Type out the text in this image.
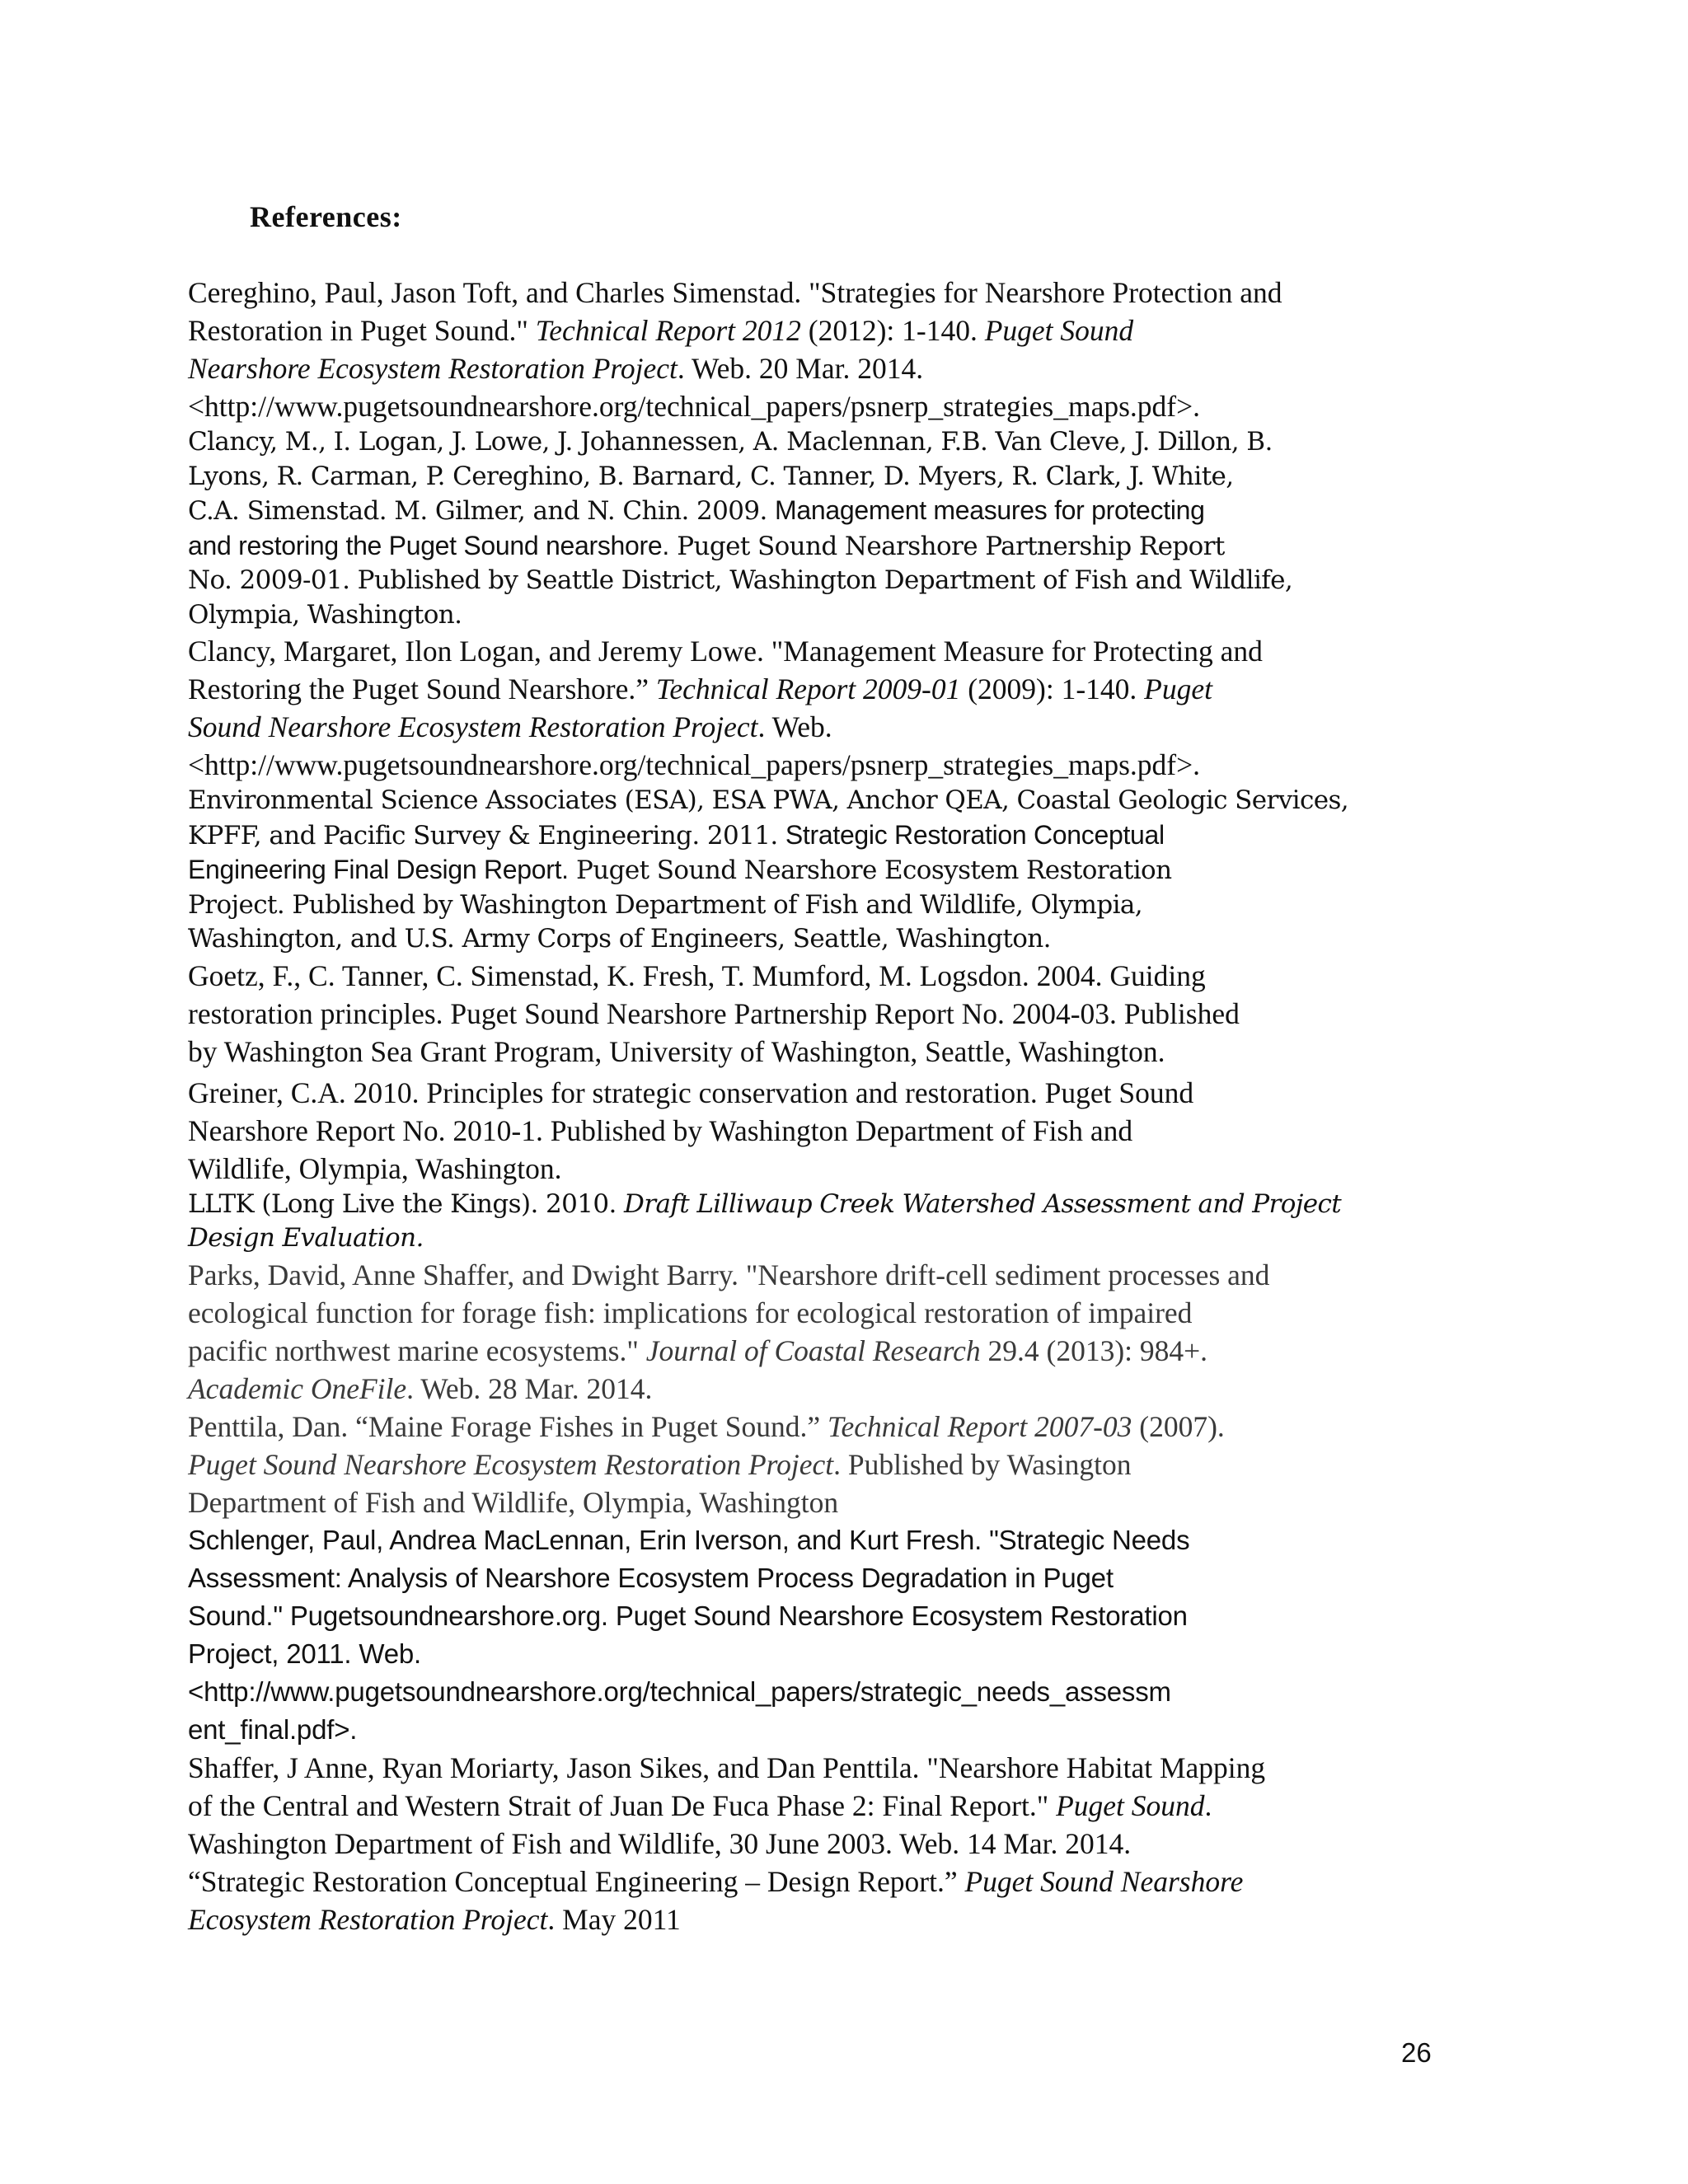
References:
Cereghino, Paul, Jason Toft, and Charles Simenstad. "Strategies for Nearshore Protection and
Restoration in Puget Sound." Technical Report 2012 (2012): 1-140. Puget Sound
Nearshore Ecosystem Restoration Project. Web. 20 Mar. 2014.
<http://www.pugetsoundnearshore.org/technical_papers/psnerp_strategies_maps.pdf>.
Clancy, M., I. Logan, J. Lowe, J. Johannessen, A. Maclennan, F.B. Van Cleve, J. Dillon, B.
Lyons, R. Carman, P. Cereghino, B. Barnard, C. Tanner, D. Myers, R. Clark, J. White,
C.A. Simenstad. M. Gilmer, and N. Chin. 2009. Management measures for protecting
and restoring the Puget Sound nearshore. Puget Sound Nearshore Partnership Report
No. 2009-01. Published by Seattle District, Washington Department of Fish and Wildlife,
Olympia, Washington.
Clancy, Margaret, Ilon Logan, and Jeremy Lowe. "Management Measure for Protecting and
Restoring the Puget Sound Nearshore.” Technical Report 2009-01 (2009): 1-140. Puget
Sound Nearshore Ecosystem Restoration Project. Web.
<http://www.pugetsoundnearshore.org/technical_papers/psnerp_strategies_maps.pdf>.
Environmental Science Associates (ESA), ESA PWA, Anchor QEA, Coastal Geologic Services,
KPFF, and Pacific Survey & Engineering. 2011. Strategic Restoration Conceptual
Engineering Final Design Report. Puget Sound Nearshore Ecosystem Restoration
Project. Published by Washington Department of Fish and Wildlife, Olympia,
Washington, and U.S. Army Corps of Engineers, Seattle, Washington.
Goetz, F., C. Tanner, C. Simenstad, K. Fresh, T. Mumford, M. Logsdon. 2004. Guiding
restoration principles. Puget Sound Nearshore Partnership Report No. 2004-03. Published
by Washington Sea Grant Program, University of Washington, Seattle, Washington.
Greiner, C.A. 2010. Principles for strategic conservation and restoration. Puget Sound
Nearshore Report No. 2010-1. Published by Washington Department of Fish and
Wildlife, Olympia, Washington.
LLTK (Long Live the Kings). 2010. Draft Lilliwaup Creek Watershed Assessment and Project
Design Evaluation.
Parks, David, Anne Shaffer, and Dwight Barry. "Nearshore drift-cell sediment processes and
ecological function for forage fish: implications for ecological restoration of impaired
pacific northwest marine ecosystems." Journal of Coastal Research 29.4 (2013): 984+.
Academic OneFile. Web. 28 Mar. 2014.
Penttila, Dan. “Maine Forage Fishes in Puget Sound.” Technical Report 2007-03 (2007).
Puget Sound Nearshore Ecosystem Restoration Project. Published by Wasington
Department of Fish and Wildlife, Olympia, Washington
Schlenger, Paul, Andrea MacLennan, Erin Iverson, and Kurt Fresh. "Strategic Needs
Assessment: Analysis of Nearshore Ecosystem Process Degradation in Puget
Sound." Pugetsoundnearshore.org. Puget Sound Nearshore Ecosystem Restoration
Project, 2011. Web.
<http://www.pugetsoundnearshore.org/technical_papers/strategic_needs_assessm
ent_final.pdf>.
Shaffer, J Anne, Ryan Moriarty, Jason Sikes, and Dan Penttila. "Nearshore Habitat Mapping
of the Central and Western Strait of Juan De Fuca Phase 2: Final Report." Puget Sound.
Washington Department of Fish and Wildlife, 30 June 2003. Web. 14 Mar. 2014.
“Strategic Restoration Conceptual Engineering – Design Report.” Puget Sound Nearshore
Ecosystem Restoration Project. May 2011
26
